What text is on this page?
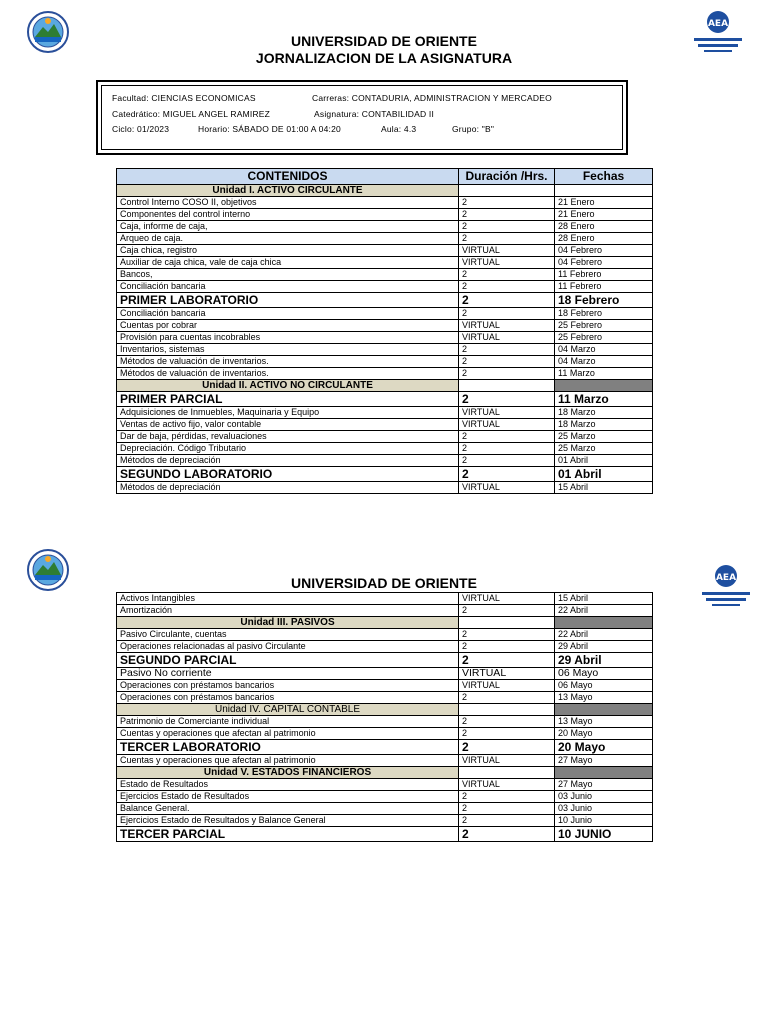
AEA
UNIVERSIDAD DE ORIENTE
JORNALIZACION DE LA ASIGNATURA
Facultad: CIENCIAS ECONOMICAS	Carreras: CONTADURIA, ADMINISTRACION Y MERCADEO
Catedrático: MIGUEL ANGEL RAMIREZ	Asignatura: CONTABILIDAD II
Ciclo: 01/2023	Horario: SÁBADO DE 01:00 A 04:20	Aula: 4.3	Grupo: "B"
CONTENIDOS	Duración /Hrs.	Fechas
Unidad I. ACTIVO CIRCULANTE		
Control Interno COSO II, objetivos	2	21 Enero
Componentes del control interno	2	21 Enero
Caja, informe de caja,	2	28 Enero
Arqueo de caja.	2	28 Enero
Caja chica, registro	VIRTUAL	04 Febrero
Auxiliar de caja chica, vale de caja chica	VIRTUAL	04 Febrero
Bancos,	2	11 Febrero
Conciliación bancaria	2	11 Febrero
PRIMER LABORATORIO	2	18 Febrero
Conciliación bancaria	2	18 Febrero
Cuentas por cobrar	VIRTUAL	25 Febrero
Provisión para cuentas incobrables	VIRTUAL	25 Febrero
Inventarios, sistemas	2	04 Marzo
Métodos de valuación de inventarios.	2	04 Marzo
Métodos de valuación de inventarios.	2	11 Marzo
Unidad II. ACTIVO NO CIRCULANTE		
PRIMER PARCIAL	2	11 Marzo
Adquisiciones de Inmuebles, Maquinaria y Equipo	VIRTUAL	18 Marzo
Ventas de activo fijo, valor contable	VIRTUAL	18 Marzo
Dar de baja, pérdidas, revaluaciones	2	25 Marzo
Depreciación. Código Tributario	2	25 Marzo
Métodos de depreciación	2	01 Abril
SEGUNDO LABORATORIO	2	01 Abril
Métodos de depreciación	VIRTUAL	15 Abril
AEA
UNIVERSIDAD DE ORIENTE
Activos Intangibles	VIRTUAL	15 Abril
Amortización	2	22 Abril
Unidad III. PASIVOS		
Pasivo Circulante, cuentas	2	22 Abril
Operaciones relacionadas al pasivo Circulante	2	29 Abril
SEGUNDO PARCIAL	2	29 Abril
Pasivo No corriente	VIRTUAL	06 Mayo
Operaciones con préstamos bancarios	VIRTUAL	06 Mayo
Operaciones con préstamos bancarios	2	13 Mayo
Unidad IV. CAPITAL CONTABLE		
Patrimonio de Comerciante individual	2	13 Mayo
Cuentas y operaciones que afectan al patrimonio	2	20 Mayo
TERCER LABORATORIO	2	20 Mayo
Cuentas y operaciones que afectan al patrimonio	VIRTUAL	27 Mayo
Unidad V. ESTADOS FINANCIEROS		
Estado de Resultados	VIRTUAL	27 Mayo
Ejercicios Estado de Resultados	2	03 Junio
Balance General.	2	03 Junio
Ejercicios Estado de Resultados y Balance General	2	10 Junio
TERCER PARCIAL	2	10 JUNIO
